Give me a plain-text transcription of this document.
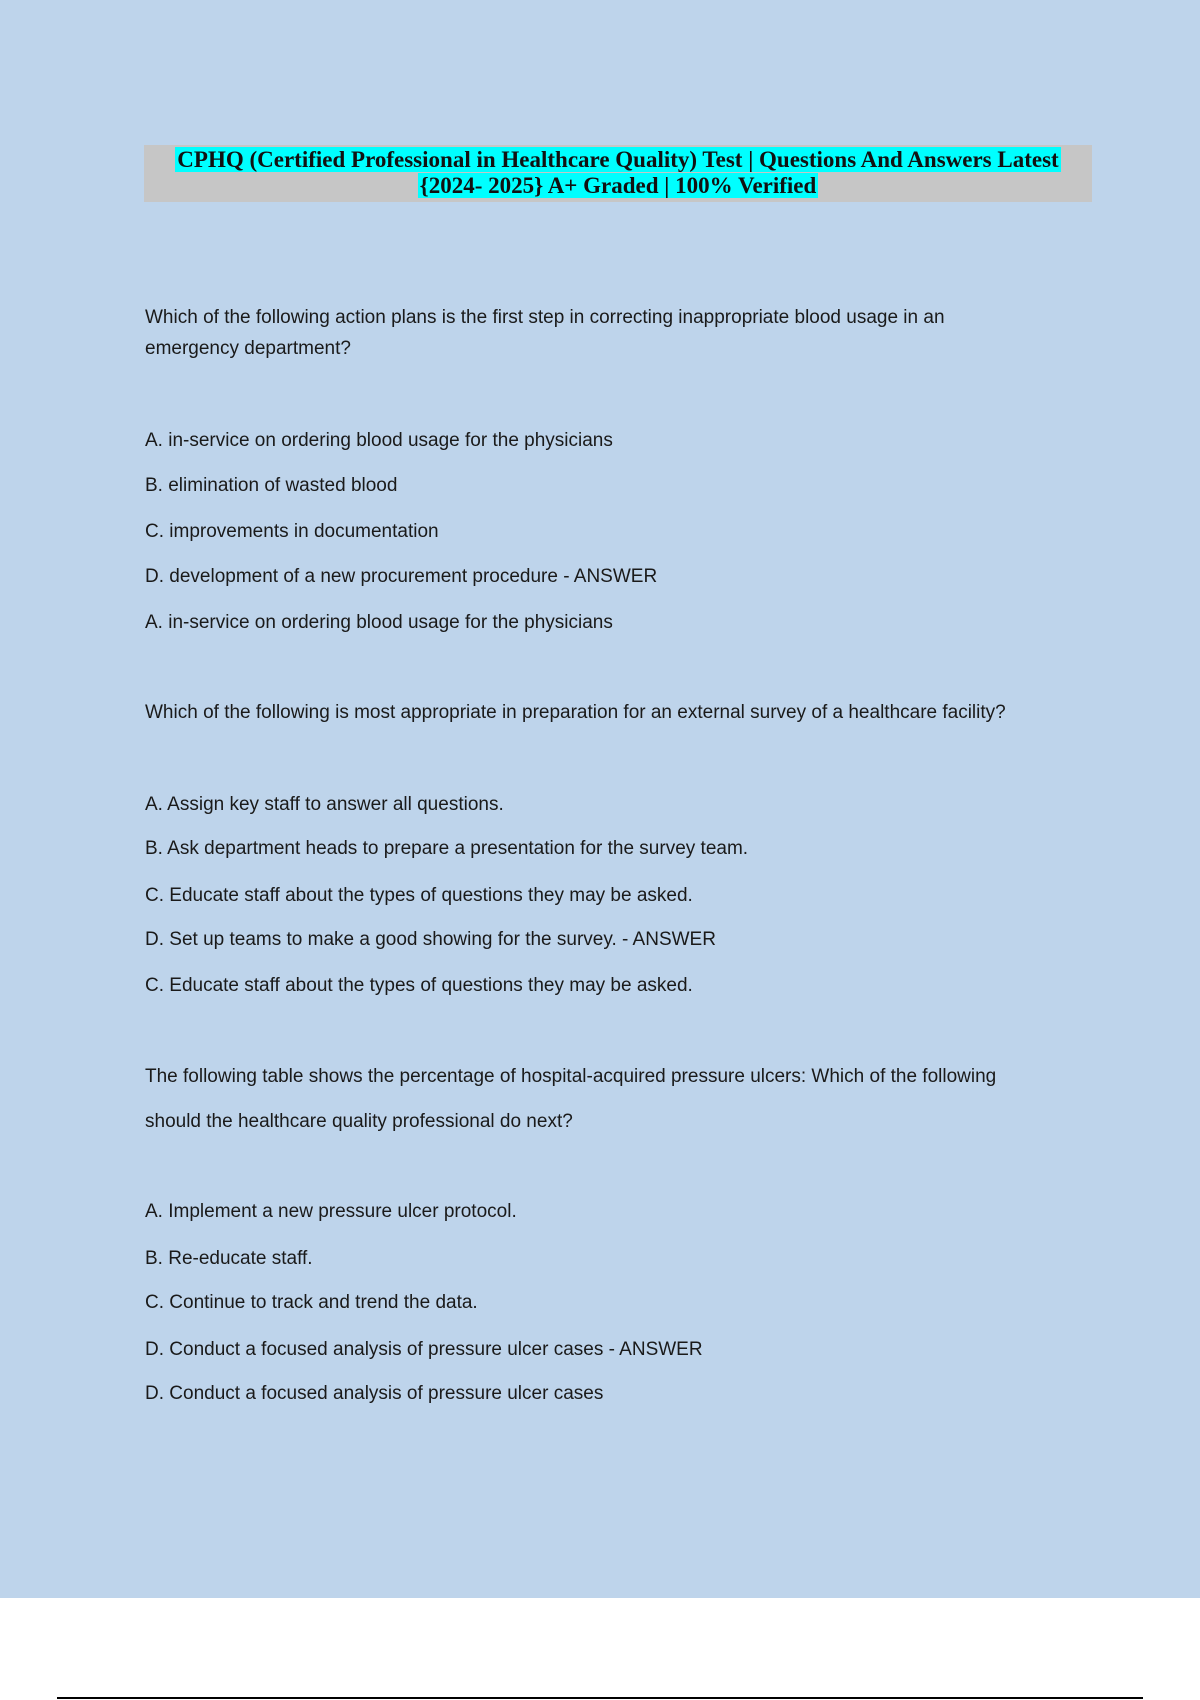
CPHQ (Certified Professional in Healthcare Quality) Test | Questions And Answers Latest
{2024- 2025} A+ Graded | 100% Verified
Which of the following action plans is the first step in correcting inappropriate blood usage in an
emergency department?
A. in-service on ordering blood usage for the physicians
B. elimination of wasted blood
C. improvements in documentation
D. development of a new procurement procedure - ANSWER
A. in-service on ordering blood usage for the physicians
Which of the following is most appropriate in preparation for an external survey of a healthcare facility?
A. Assign key staff to answer all questions.
B. Ask department heads to prepare a presentation for the survey team.
C. Educate staff about the types of questions they may be asked.
D. Set up teams to make a good showing for the survey. - ANSWER
C. Educate staff about the types of questions they may be asked.
The following table shows the percentage of hospital-acquired pressure ulcers: Which of the following
should the healthcare quality professional do next?
A. Implement a new pressure ulcer protocol.
B. Re-educate staff.
C. Continue to track and trend the data.
D. Conduct a focused analysis of pressure ulcer cases - ANSWER
D. Conduct a focused analysis of pressure ulcer cases
